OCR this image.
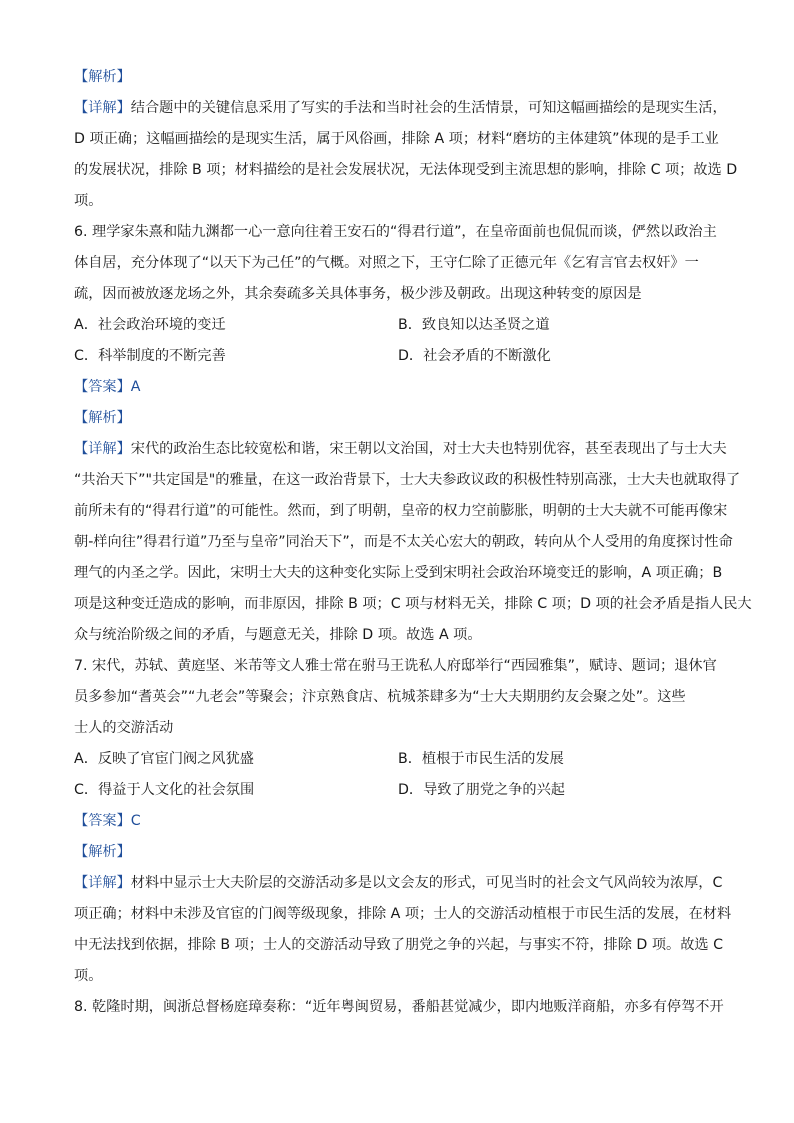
【解析】
【详解】结合题中的关键信息采用了写实的手法和当时社会的生活情景，可知这幅画描绘的是现实生活，
D 项正确；这幅画描绘的是现实生活，属于风俗画，排除 A 项；材料“磨坊的主体建筑”体现的是手工业
的发展状况，排除 B 项；材料描绘的是社会发展状况，无法体现受到主流思想的影响，排除 C 项；故选 D
项。
6. 理学家朱熹和陆九渊都一心一意向往着王安石的“得君行道”，在皇帝面前也侃侃而谈，俨然以政治主
体自居，充分体现了“以天下为己任”的气概。对照之下，王守仁除了正德元年《乞宥言官去权奸》一
疏，因而被放逐龙场之外，其余奏疏多关具体事务，极少涉及朝政。出现这种转变的原因是
A．社会政治环境的变迁	B．致良知以达圣贤之道
C．科举制度的不断完善	D．社会矛盾的不断激化
【答案】A
【解析】
【详解】宋代的政治生态比较宽松和谐，宋王朝以文治国，对士大夫也特别优容，甚至表现出了与士大夫
“共治天下”"共定国是"的雅量，在这一政治背景下，士大夫参政议政的积极性特别高涨，士大夫也就取得了
前所未有的“得君行道”的可能性。然而，到了明朝，皇帝的权力空前膨胀，明朝的士大夫就不可能再像宋
朝-样向往”得君行道”乃至与皇帝”同治天下”，而是不太关心宏大的朝政，转向从个人受用的角度探讨性命
理气的内圣之学。因此，宋明士大夫的这种变化实际上受到宋明社会政治环境变迁的影响，A 项正确；B
项是这种变迁造成的影响，而非原因，排除 B 项；C 项与材料无关，排除 C 项；D 项的社会矛盾是指人民大
众与统治阶级之间的矛盾，与题意无关，排除 D 项。故选 A 项。
7. 宋代，苏轼、黄庭坚、米芾等文人雅士常在驸马王诜私人府邸举行“西园雅集”，赋诗、题词；退休官
员多参加“耆英会”“九老会”等聚会；汴京熟食店、杭城茶肆多为“士大夫期朋约友会聚之处”。这些
士人的交游活动
A．反映了官宦门阀之风犹盛	B．植根于市民生活的发展
C．得益于人文化的社会氛围	D．导致了朋党之争的兴起
【答案】C
【解析】
【详解】材料中显示士大夫阶层的交游活动多是以文会友的形式，可见当时的社会文气风尚较为浓厚，C
项正确；材料中未涉及官宦的门阀等级现象，排除 A 项；士人的交游活动植根于市民生活的发展，在材料
中无法找到依据，排除 B 项；士人的交游活动导致了朋党之争的兴起，与事实不符，排除 D 项。故选 C
项。
8. 乾隆时期，闽浙总督杨庭璋奏称：“近年粤闽贸易，番船甚觉减少，即内地贩洋商船，亦多有停驾不开
